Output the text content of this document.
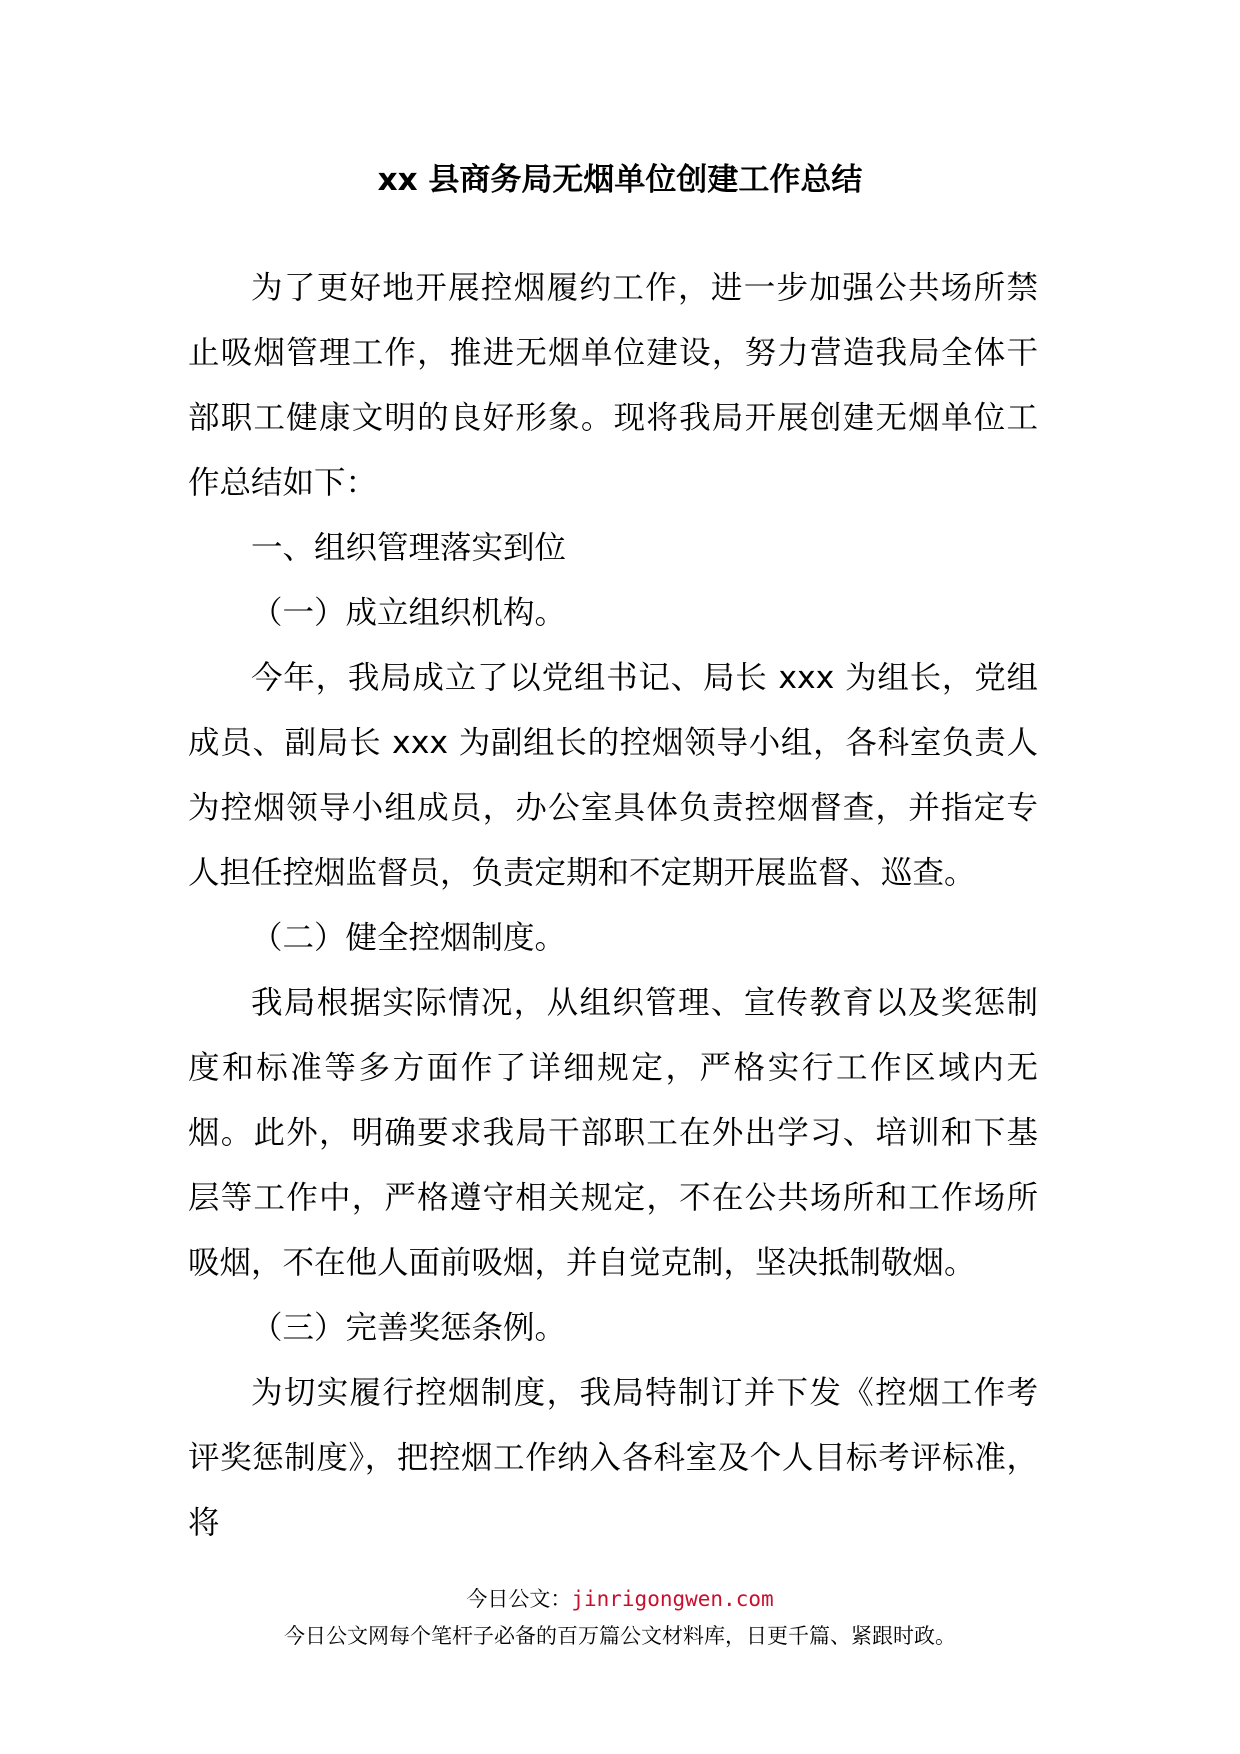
xx 县商务局无烟单位创建工作总结

为了更好地开展控烟履约工作，进一步加强公共场所禁止吸烟管理工作，推进无烟单位建设，努力营造我局全体干部职工健康文明的良好形象。现将我局开展创建无烟单位工作总结如下：

一、组织管理落实到位

（一）成立组织机构。

今年，我局成立了以党组书记、局长 xxx 为组长，党组成员、副局长 xxx 为副组长的控烟领导小组，各科室负责人为控烟领导小组成员，办公室具体负责控烟督查，并指定专人担任控烟监督员，负责定期和不定期开展监督、巡查。

（二）健全控烟制度。

我局根据实际情况，从组织管理、宣传教育以及奖惩制度和标准等多方面作了详细规定，严格实行工作区域内无烟。此外，明确要求我局干部职工在外出学习、培训和下基层等工作中，严格遵守相关规定，不在公共场所和工作场所吸烟，不在他人面前吸烟，并自觉克制，坚决抵制敬烟。

（三）完善奖惩条例。

为切实履行控烟制度，我局特制订并下发《控烟工作考评奖惩制度》，把控烟工作纳入各科室及个人目标考评标准，将

今日公文：jinrigongwen.com
今日公文网每个笔杆子必备的百万篇公文材料库，日更千篇、紧跟时政。
